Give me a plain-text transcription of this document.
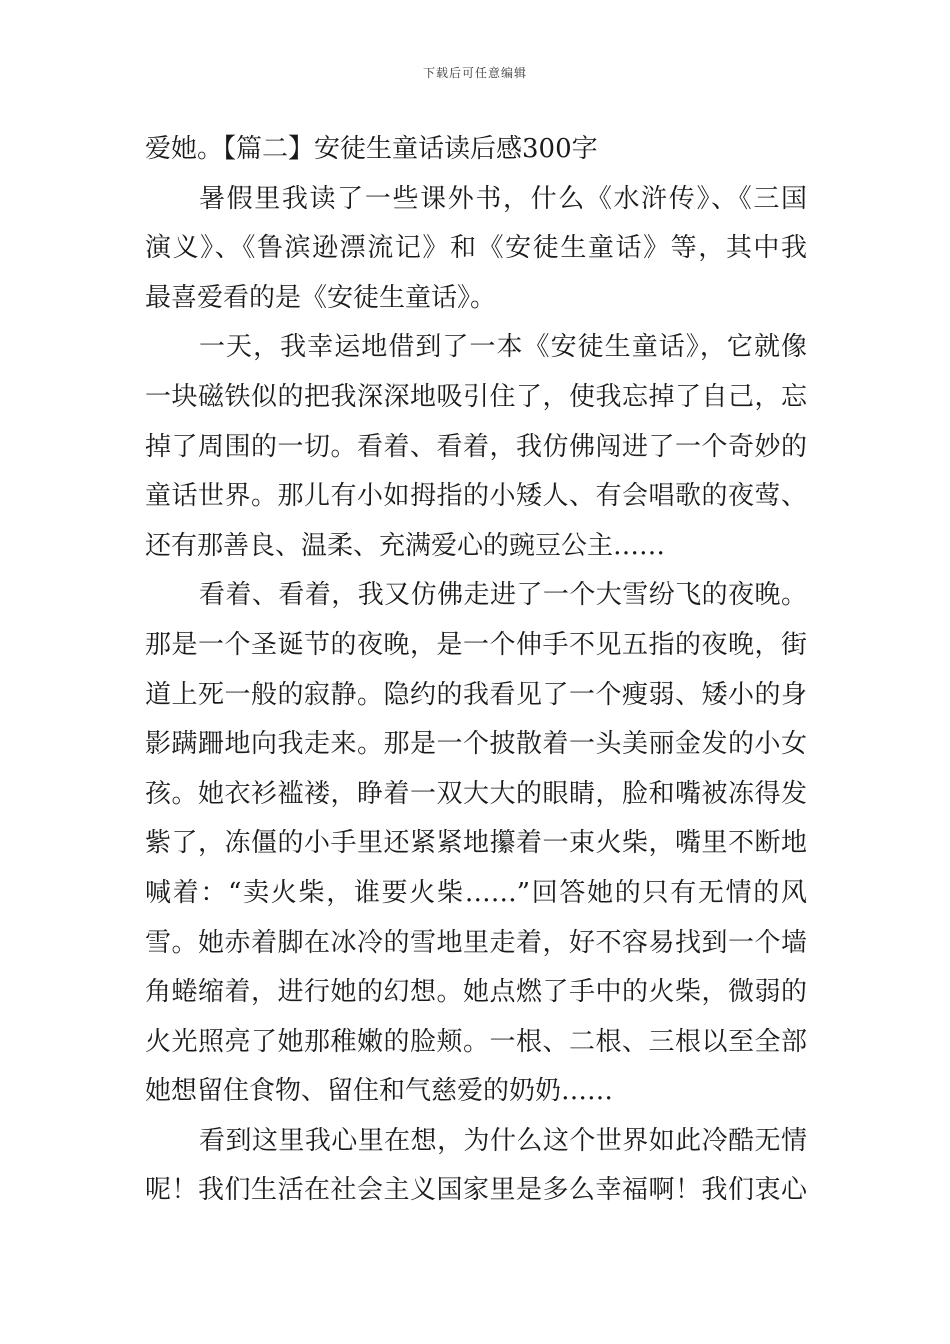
下载后可任意编辑
爱她。【篇二】安徒生童话读后感300字
暑假里我读了一些课外书，什么《水浒传》、《三国
演义》、《鲁滨逊漂流记》和《安徒生童话》等，其中我
最喜爱看的是《安徒生童话》。
一天，我幸运地借到了一本《安徒生童话》，它就像
一块磁铁似的把我深深地吸引住了，使我忘掉了自己，忘
掉了周围的一切。看着、看着，我仿佛闯进了一个奇妙的
童话世界。那儿有小如拇指的小矮人、有会唱歌的夜莺、
还有那善良、温柔、充满爱心的豌豆公主……
看着、看着，我又仿佛走进了一个大雪纷飞的夜晚。
那是一个圣诞节的夜晚，是一个伸手不见五指的夜晚，街
道上死一般的寂静。隐约的我看见了一个瘦弱、矮小的身
影蹒跚地向我走来。那是一个披散着一头美丽金发的小女
孩。她衣衫褴褛，睁着一双大大的眼睛，脸和嘴被冻得发
紫了，冻僵的小手里还紧紧地攥着一束火柴，嘴里不断地
喊着：“卖火柴，谁要火柴……”回答她的只有无情的风
雪。她赤着脚在冰冷的雪地里走着，好不容易找到一个墙
角蜷缩着，进行她的幻想。她点燃了手中的火柴，微弱的
火光照亮了她那稚嫩的脸颊。一根、二根、三根以至全部
她想留住食物、留住和气慈爱的奶奶……
看到这里我心里在想，为什么这个世界如此冷酷无情
呢！我们生活在社会主义国家里是多么幸福啊！我们衷心
